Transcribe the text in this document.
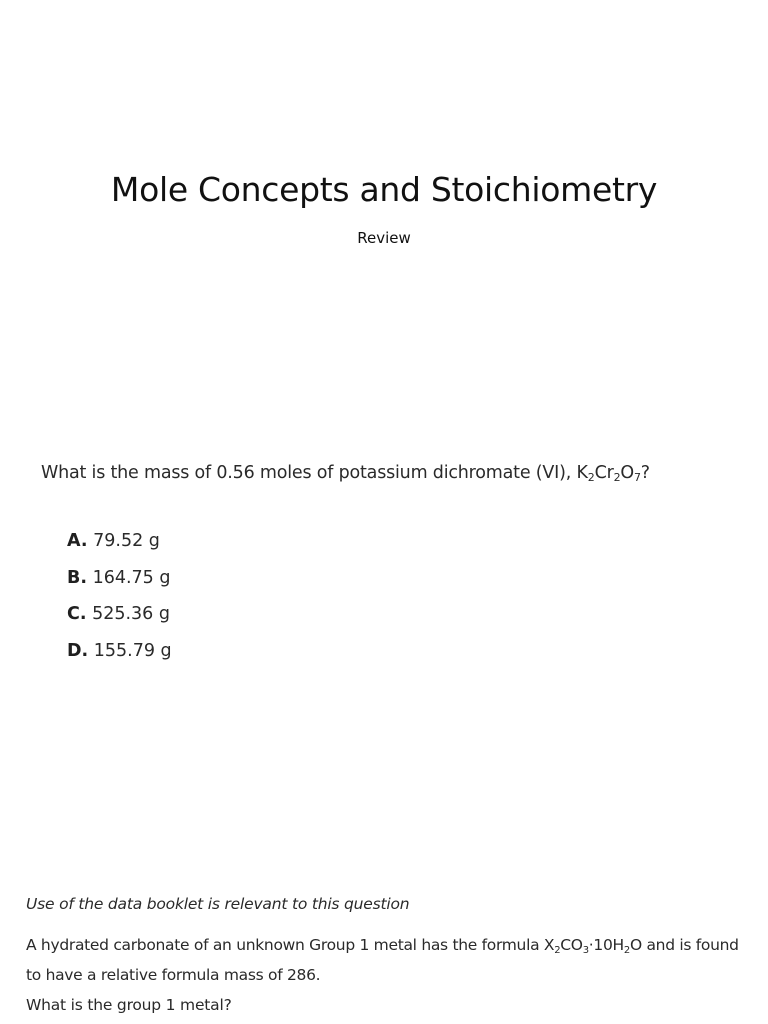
Mole Concepts and Stoichiometry
Review
What is the mass of 0.56 moles of potassium dichromate (VI), $K_2Cr_2O_7$?
A. 79.52 g
B. 164.75 g
C. 525.36 g
D. 155.79 g
Use of the data booklet is relevant to this question
A hydrated carbonate of an unknown Group 1 metal has the formula $X_2CO_3\cdot 10H_2O$ and is found to have a relative formula mass of 286.
What is the group 1 metal?
